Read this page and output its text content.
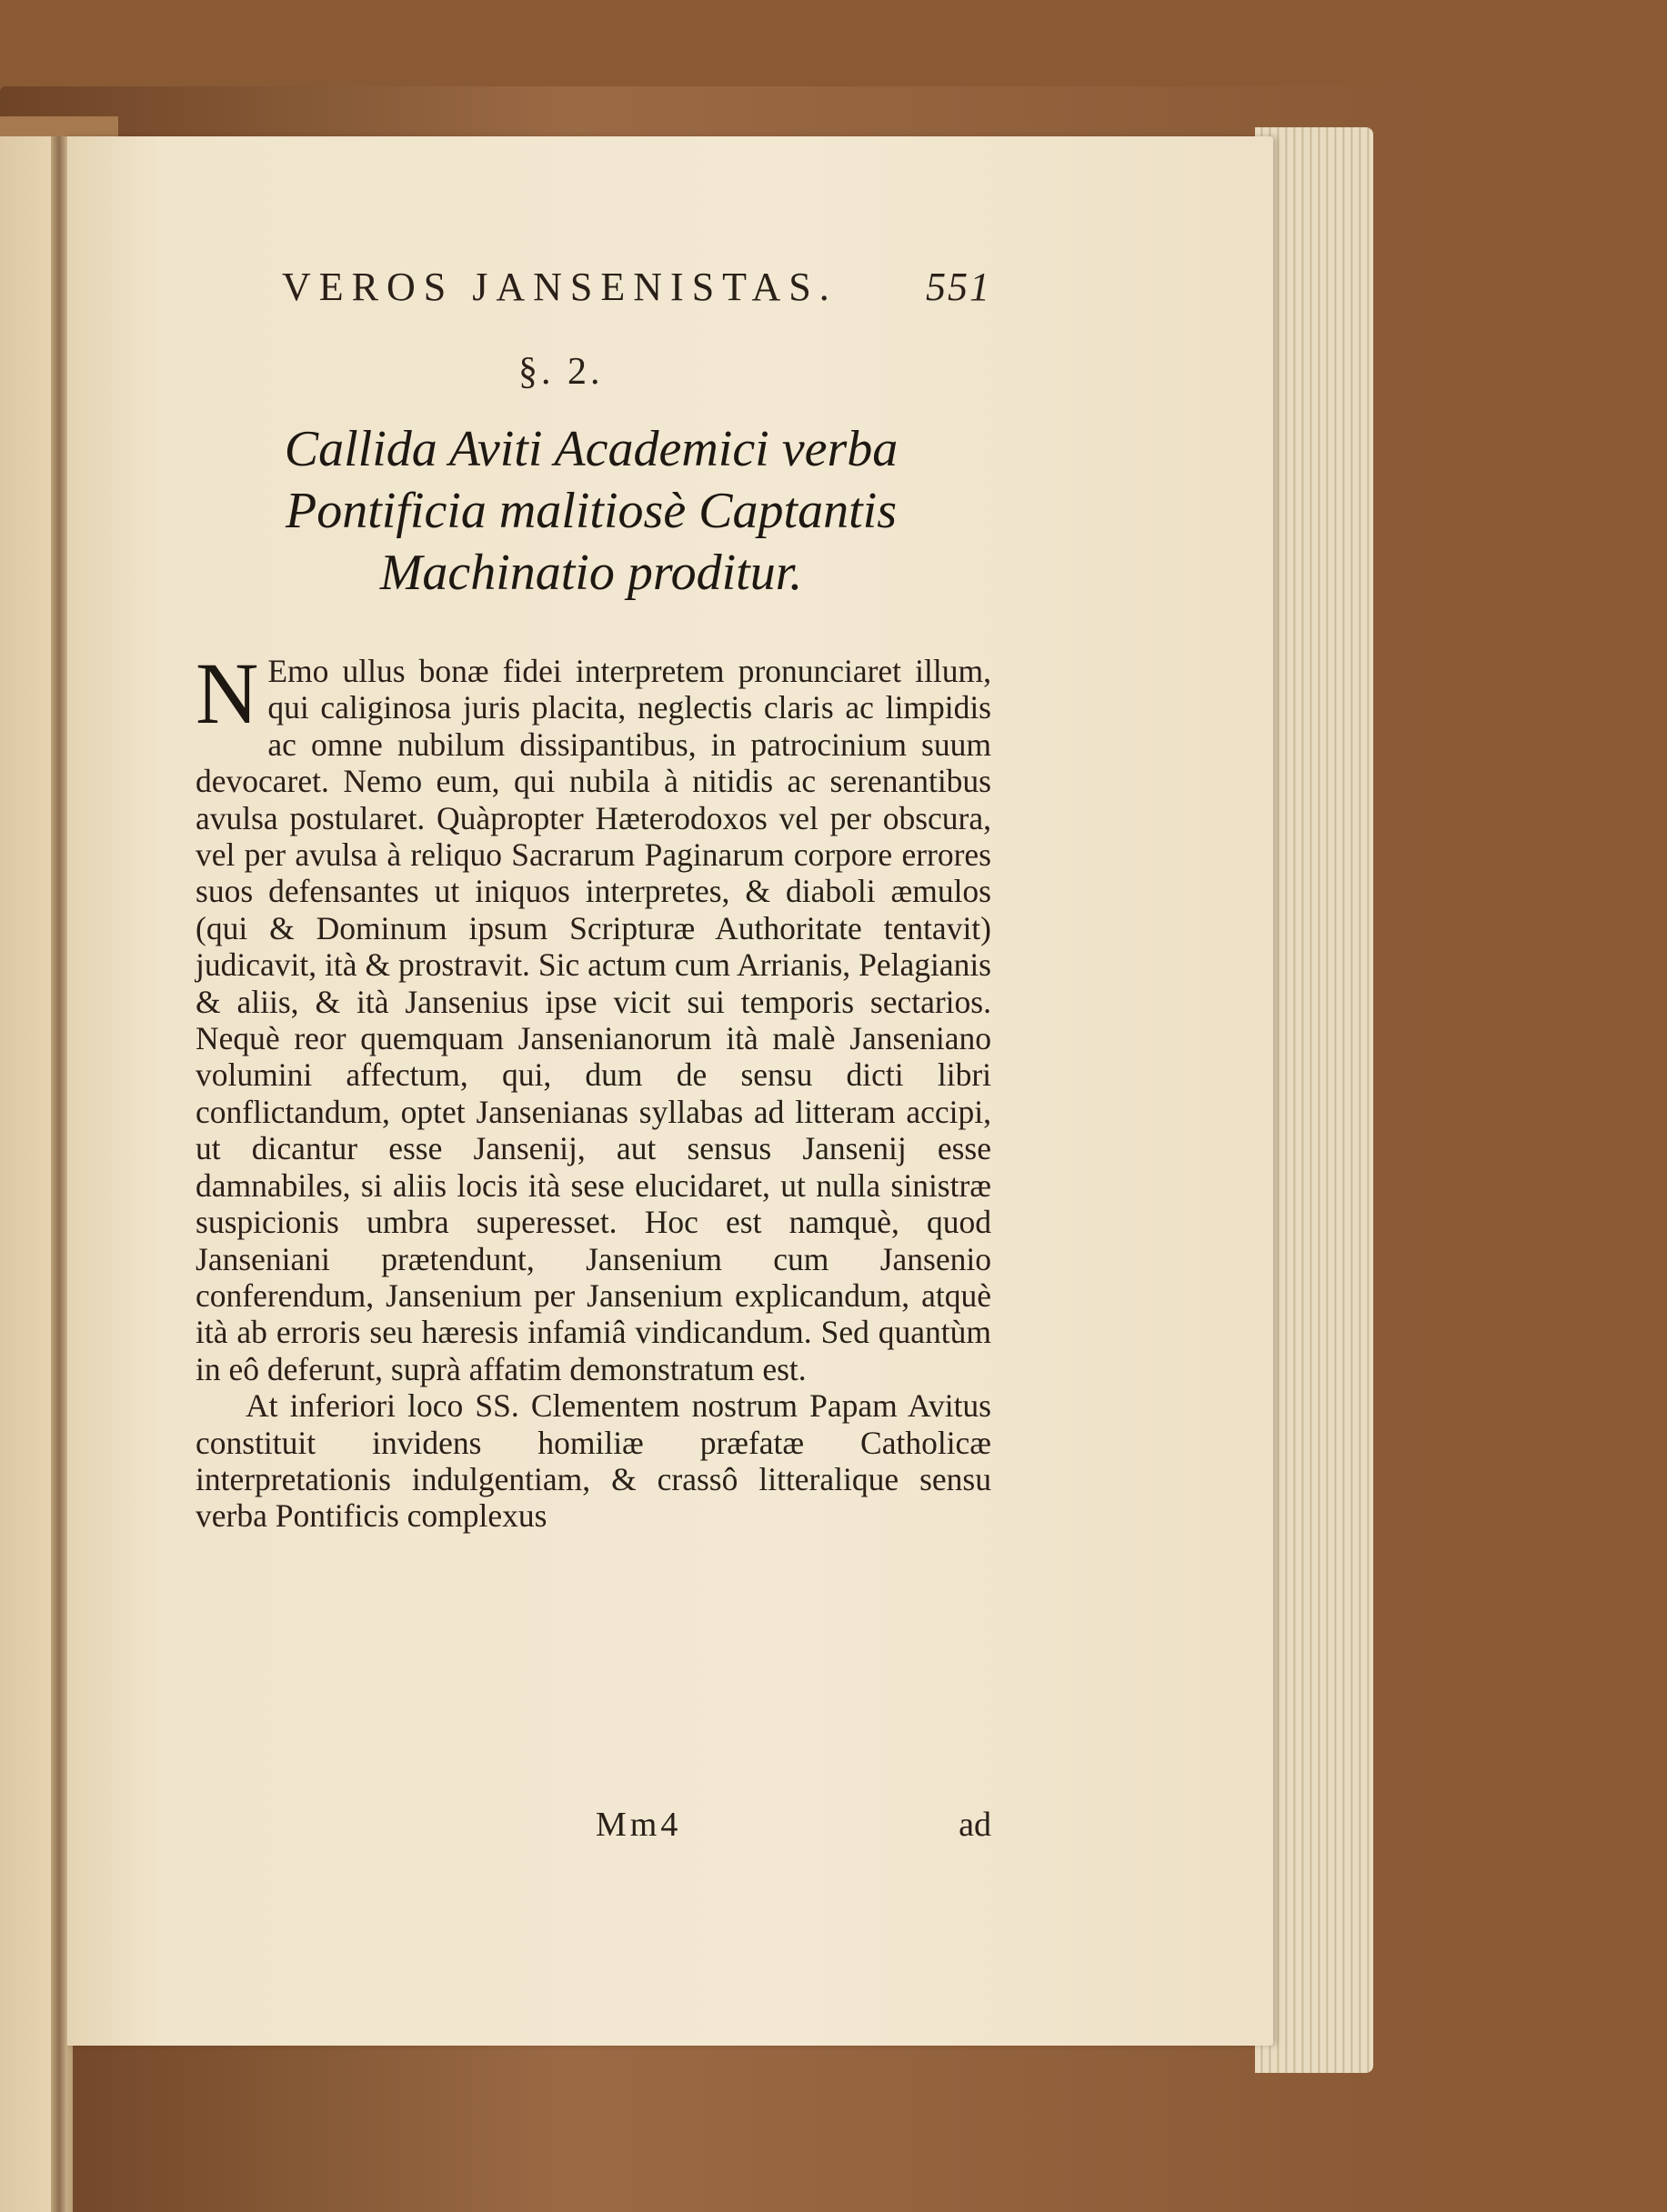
VEROS JANSENISTAS. 551
§. 2.
Callida Aviti Academici verba Pontificia malitiosè Captantis Machinatio proditur.

NEmo ullus bonæ fidei interpretem pronunciaret illum, qui caliginosa juris placita, neglectis claris ac limpidis ac omne nubilum dissipantibus, in patrocinium suum devocaret. Nemo eum, qui nubila à nitidis ac serenantibus avulsa postularet. Quàpropter Hæterodoxos vel per obscura, vel per avulsa à reliquo Sacrarum Paginarum corpore errores suos defensantes ut iniquos interpretes, & diaboli æmulos (qui & Dominum ipsum Scripturæ Authoritate tentavit) judicavit, ità & prostravit. Sic actum cum Arrianis, Pelagianis & aliis, & ità Jansenius ipse vicit sui temporis sectarios. Nequè reor quemquam Jansenianorum ità malè Janseniano volumini affectum, qui, dum de sensu dicti libri conflictandum, optet Jansenianas syllabas ad litteram accipi, ut dicantur esse Jansenij, aut sensus Jansenij esse damnabiles, si aliis locis ità sese elucidaret, ut nulla sinistræ suspicionis umbra superesset. Hoc est namquè, quod Janseniani prætendunt, Jansenium cum Jansenio conferendum, Jansenium per Jansenium explicandum, atquè ità ab erroris seu hæresis infamiâ vindicandum. Sed quantùm in eô deferunt, suprà affatim demonstratum est.

At inferiori loco SS. Clementem nostrum Papam Avitus constituit invidens homiliæ præfatæ Catholicæ interpretationis indulgentiam, & crassô litteralique sensu verba Pontificis complexus

Mm4	ad
